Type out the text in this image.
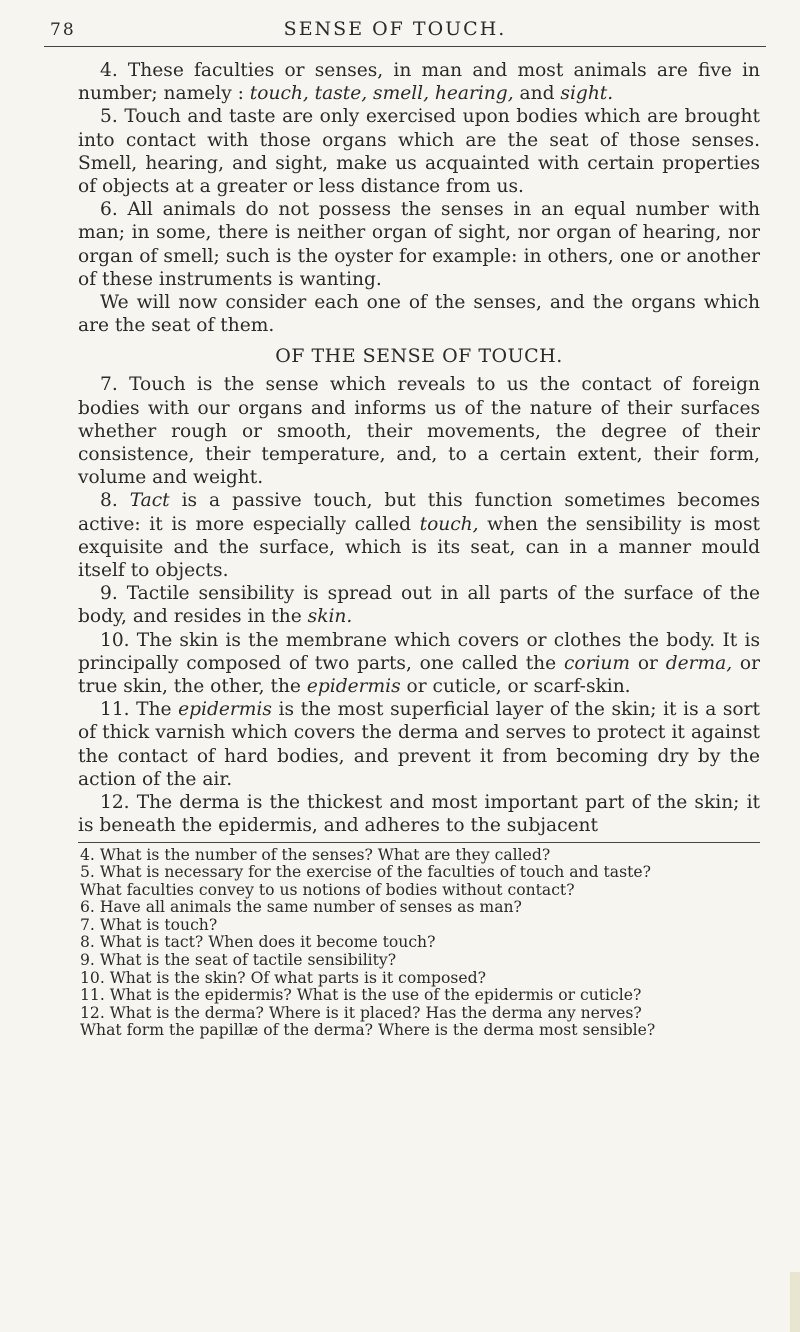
78	SENSE OF TOUCH.

4. These faculties or senses, in man and most animals are five in number; namely : touch, taste, smell, hearing, and sight.

5. Touch and taste are only exercised upon bodies which are brought into contact with those organs which are the seat of those senses. Smell, hearing, and sight, make us acquainted with certain properties of objects at a greater or less distance from us.

6. All animals do not possess the senses in an equal number with man; in some, there is neither organ of sight, nor organ of hearing, nor organ of smell; such is the oyster for example: in others, one or another of these instruments is wanting.

We will now consider each one of the senses, and the organs which are the seat of them.

OF THE SENSE OF TOUCH.

7. Touch is the sense which reveals to us the contact of foreign bodies with our organs and informs us of the nature of their surfaces whether rough or smooth, their movements, the degree of their consistence, their temperature, and, to a certain extent, their form, volume and weight.

8. Tact is a passive touch, but this function sometimes becomes active: it is more especially called touch, when the sensibility is most exquisite and the surface, which is its seat, can in a manner mould itself to objects.

9. Tactile sensibility is spread out in all parts of the surface of the body, and resides in the skin.

10. The skin is the membrane which covers or clothes the body. It is principally composed of two parts, one called the corium or derma, or true skin, the other, the epidermis or cuticle, or scarf-skin.

11. The epidermis is the most superficial layer of the skin; it is a sort of thick varnish which covers the derma and serves to protect it against the contact of hard bodies, and prevent it from becoming dry by the action of the air.

12. The derma is the thickest and most important part of the skin; it is beneath the epidermis, and adheres to the subjacent

4. What is the number of the senses? What are they called?
5. What is necessary for the exercise of the faculties of touch and taste?
What faculties convey to us notions of bodies without contact?
6. Have all animals the same number of senses as man?
7. What is touch?
8. What is tact? When does it become touch?
9. What is the seat of tactile sensibility?
10. What is the skin? Of what parts is it composed?
11. What is the epidermis? What is the use of the epidermis or cuticle?
12. What is the derma? Where is it placed? Has the derma any nerves?
What form the papillæ of the derma? Where is the derma most sensible?
